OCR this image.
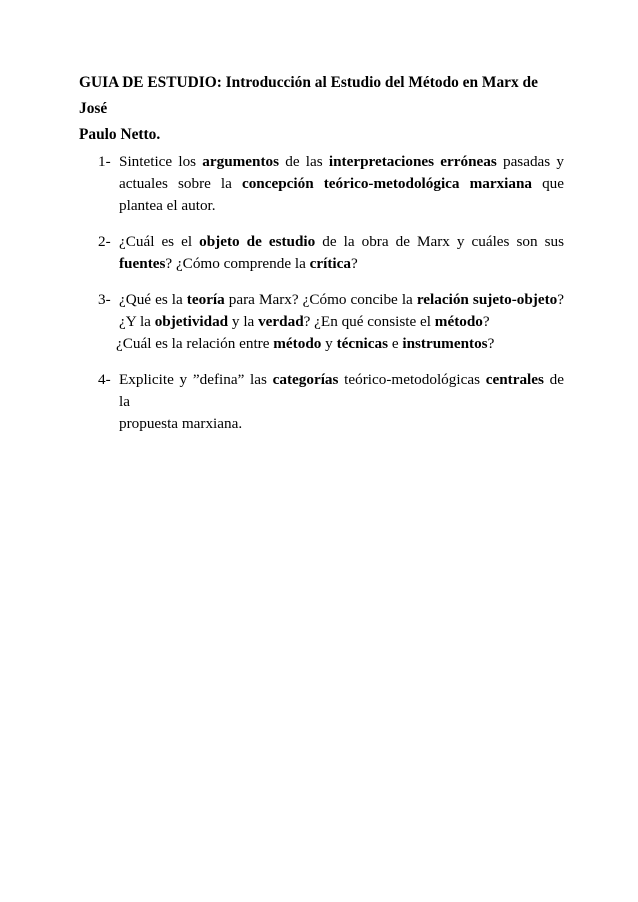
GUIA DE ESTUDIO: Introducción al Estudio del Método en Marx de José
Paulo Netto.
1- Sintetice los argumentos de las interpretaciones erróneas pasadas y
actuales sobre la concepción teórico-metodológica marxiana que
plantea el autor.
2- ¿Cuál es el objeto de estudio de la obra de Marx y cuáles son sus
fuentes? ¿Cómo comprende la crítica?
3- ¿Qué es la teoría para Marx? ¿Cómo concibe la relación sujeto-objeto?
¿Y la objetividad y la verdad? ¿En qué consiste el método?
¿Cuál es la relación entre método y técnicas e instrumentos?
4- Explicite y ”defina” las categorías teórico-metodológicas centrales de la
propuesta marxiana.
